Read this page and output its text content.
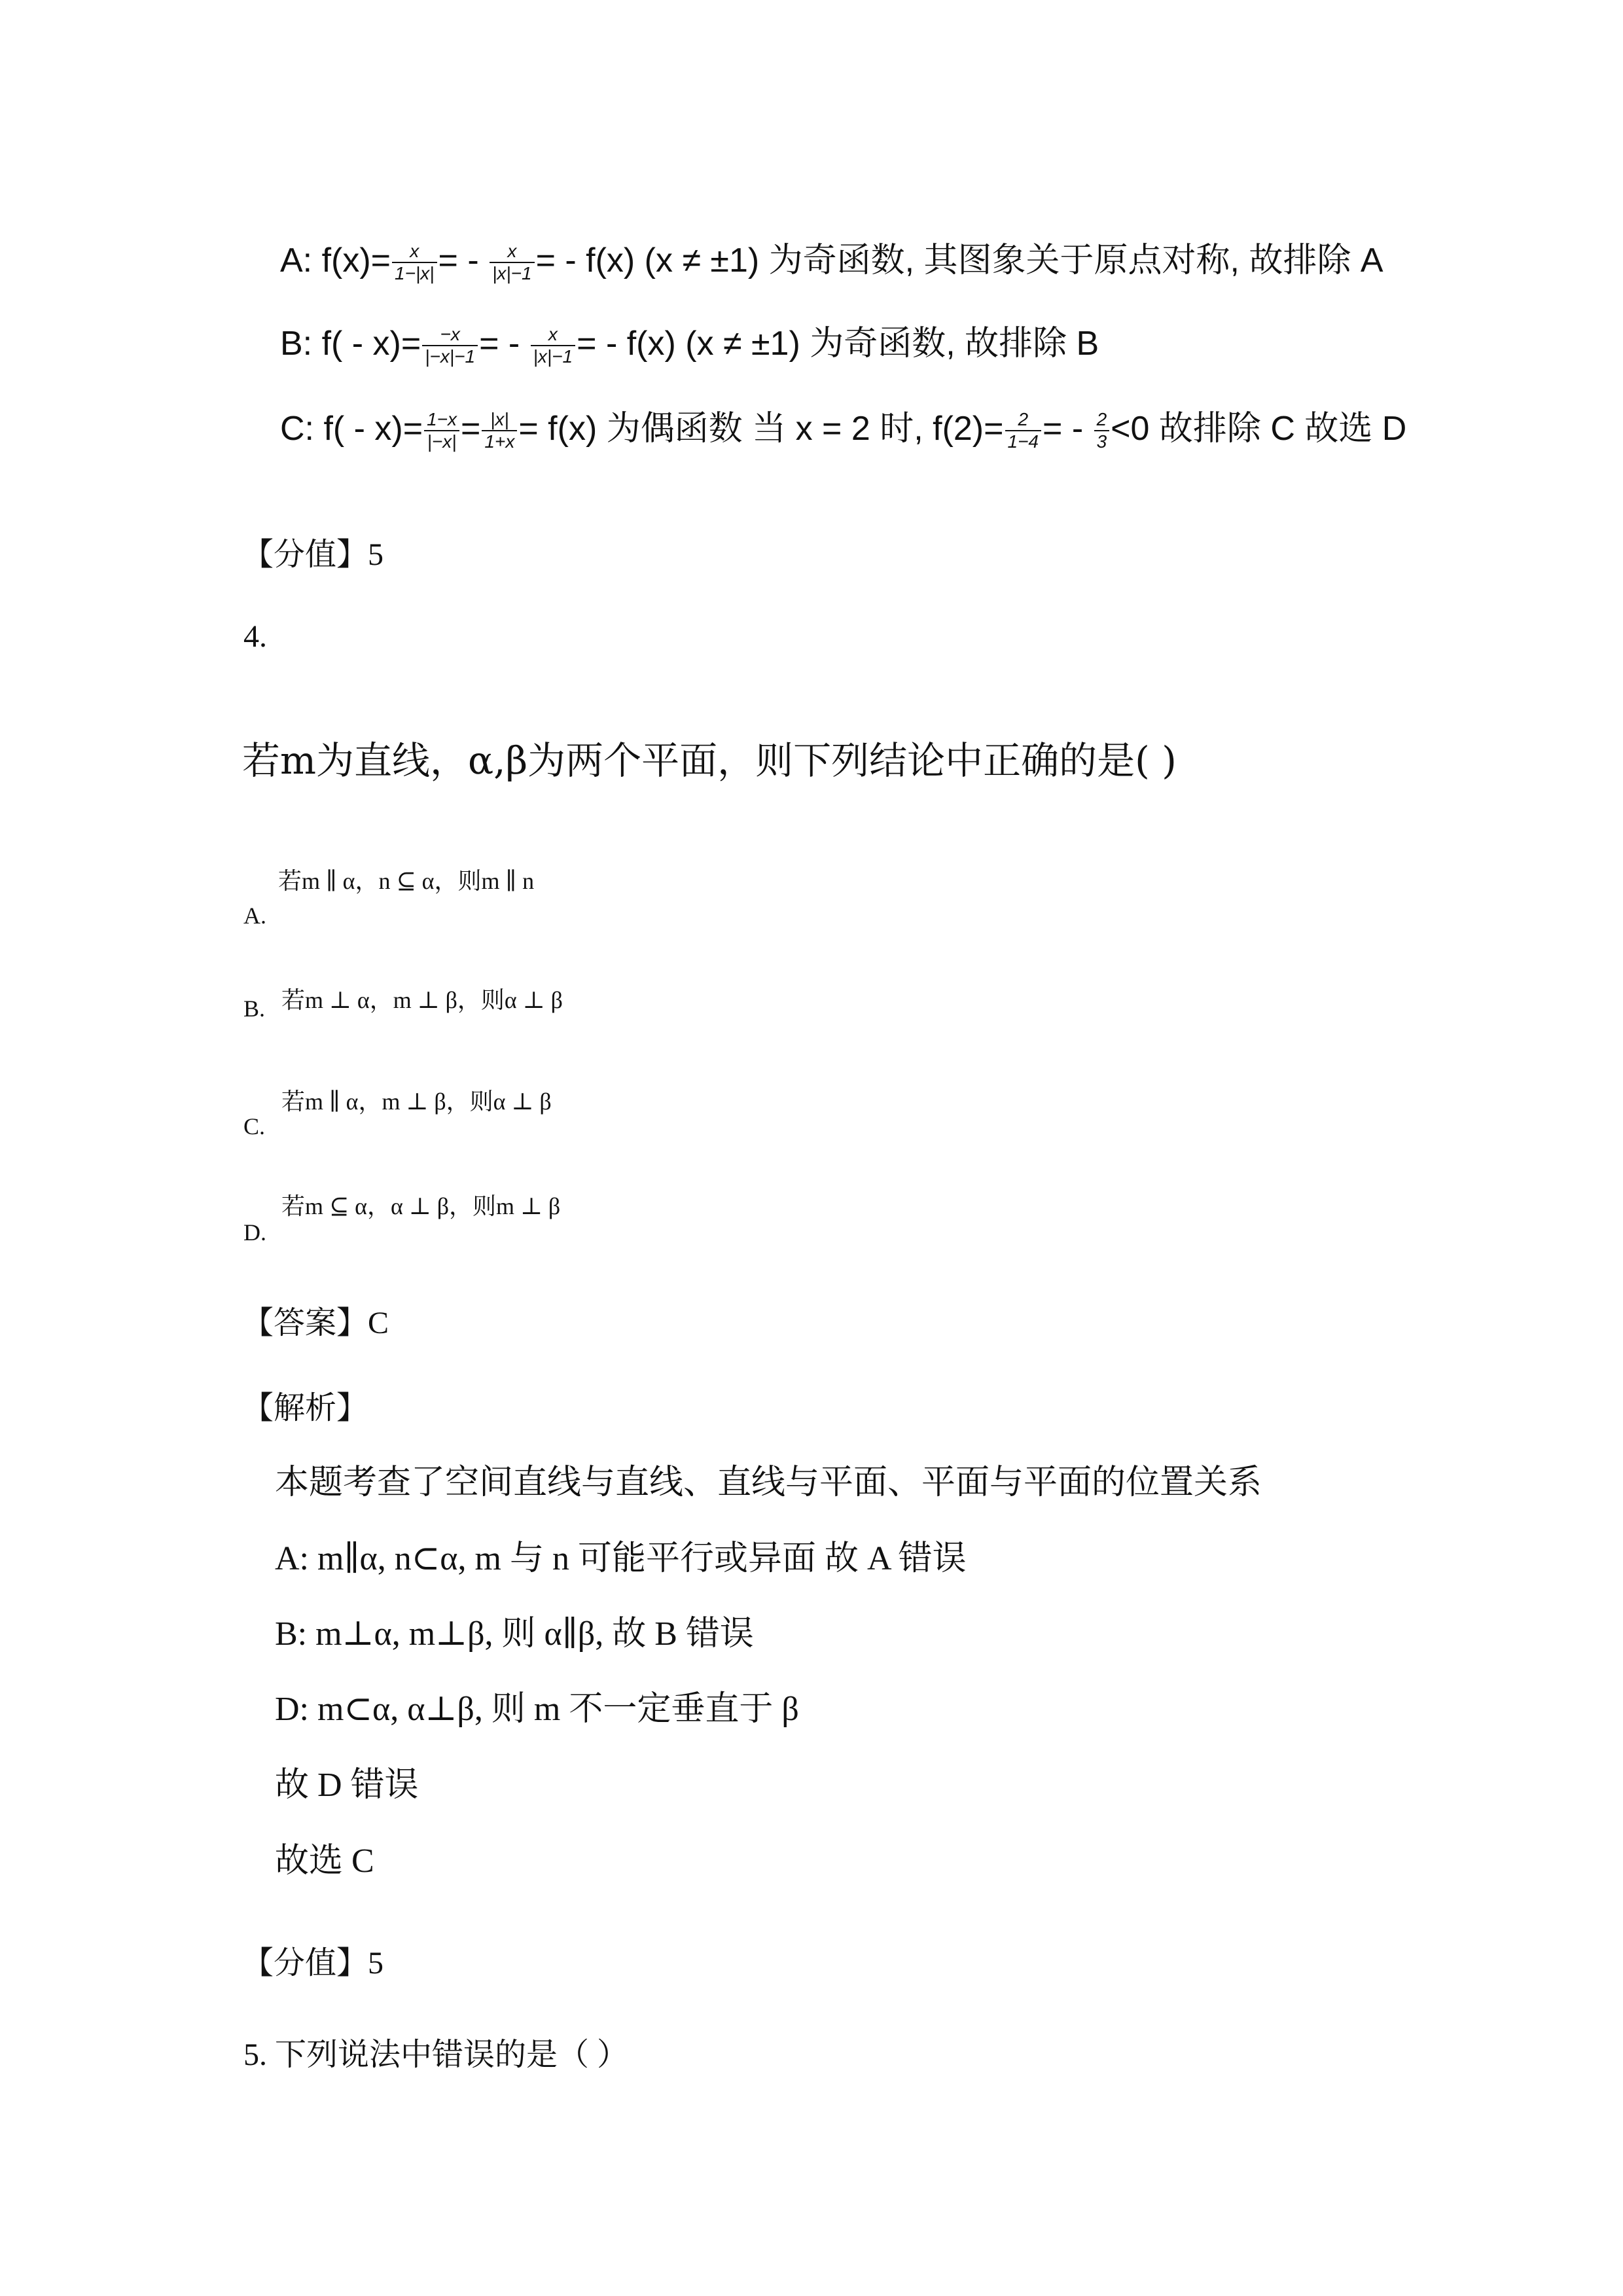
A: $f(x)= \frac{x}{1-|x|}$ = - $\frac{x}{|x|-1}$ = - f(x) (x ≠ ±1) 为奇函数, 其图象关于原点对称, 故排除 A
B: $f( - x)= \frac{-x}{|-x|-1}$ = - $\frac{x}{|x|-1}$ = - f(x) (x ≠ ±1) 为奇函数, 故排除 B
C: $f( - x)= \frac{1-x}{|-x|} = \frac{|x|}{1+x} = f(x)$ 为偶函数 当 x = 2 时, $f(2)= \frac{2}{1-4}$ = - $\frac{2}{3} <0$ 故排除 C 故选 D
【分值】5
4.
若m为直线，α,β为两个平面，则下列结论中正确的是( )
A.
若m ∥ α，n ⊆ α，则m ∥ n
B. 若m ⊥ α，m ⊥ β，则α ⊥ β
C.
若m ∥ α，m ⊥ β，则α ⊥ β
D.
若m ⊆ α，α ⊥ β，则m ⊥ β
【答案】C
【解析】
本题考查了空间直线与直线、直线与平面、平面与平面的位置关系
A: m∥α, n⊂α, m 与 n 可能平行或异面 故 A 错误
B: m⊥α, m⊥β, 则 α∥β, 故 B 错误
D: m⊂α, α⊥β, 则 m 不一定垂直于 β
故 D 错误
故选 C
【分值】5
5. 下列说法中错误的是（ ）
